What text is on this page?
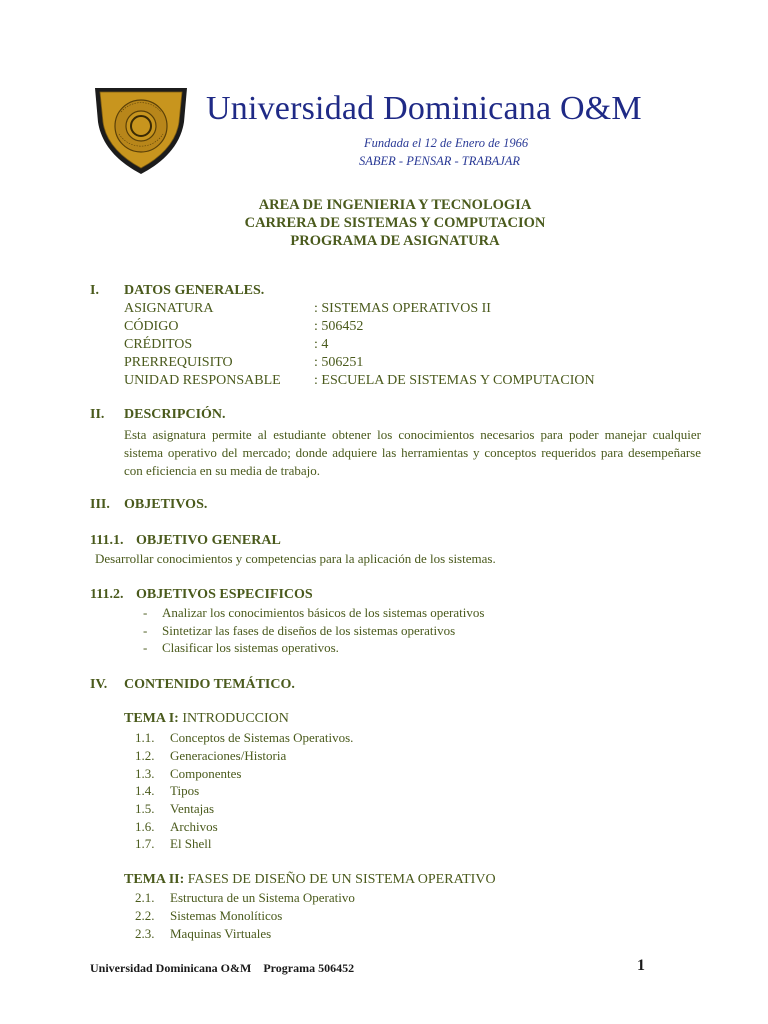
Universidad Dominicana O&M
Fundada el 12 de Enero de 1966
SABER - PENSAR - TRABAJAR
AREA DE INGENIERIA Y TECNOLOGIA
CARRERA DE SISTEMAS Y COMPUTACION
PROGRAMA DE ASIGNATURA
I. DATOS GENERALES.
ASIGNATURA	: SISTEMAS OPERATIVOS II
CÓDIGO	: 506452
CRÉDITOS	: 4
PRERREQUISITO	: 506251
UNIDAD RESPONSABLE : ESCUELA DE SISTEMAS Y COMPUTACION
II. DESCRIPCIÓN.
Esta asignatura permite al estudiante obtener los conocimientos necesarios para poder manejar cualquier sistema operativo del mercado; donde adquiere las herramientas y conceptos requeridos para desempeñarse con eficiencia en su media de trabajo.
III. OBJETIVOS.
111.1. OBJETIVO GENERAL
Desarrollar conocimientos y competencias para la aplicación de los sistemas.
111.2. OBJETIVOS ESPECIFICOS
- Analizar los conocimientos básicos de los sistemas operativos
- Sintetizar las fases de diseños de los sistemas operativos
- Clasificar los sistemas operativos.
IV. CONTENIDO TEMÁTICO.
TEMA I: INTRODUCCION
1.1. Conceptos de Sistemas Operativos.
1.2. Generaciones/Historia
1.3. Componentes
1.4. Tipos
1.5. Ventajas
1.6. Archivos
1.7. El Shell
TEMA II: FASES DE DISEÑO DE UN SISTEMA OPERATIVO
2.1. Estructura de un Sistema Operativo
2.2. Sistemas Monolíticos
2.3. Maquinas Virtuales
Universidad Dominicana O&M Programa 506452	1
